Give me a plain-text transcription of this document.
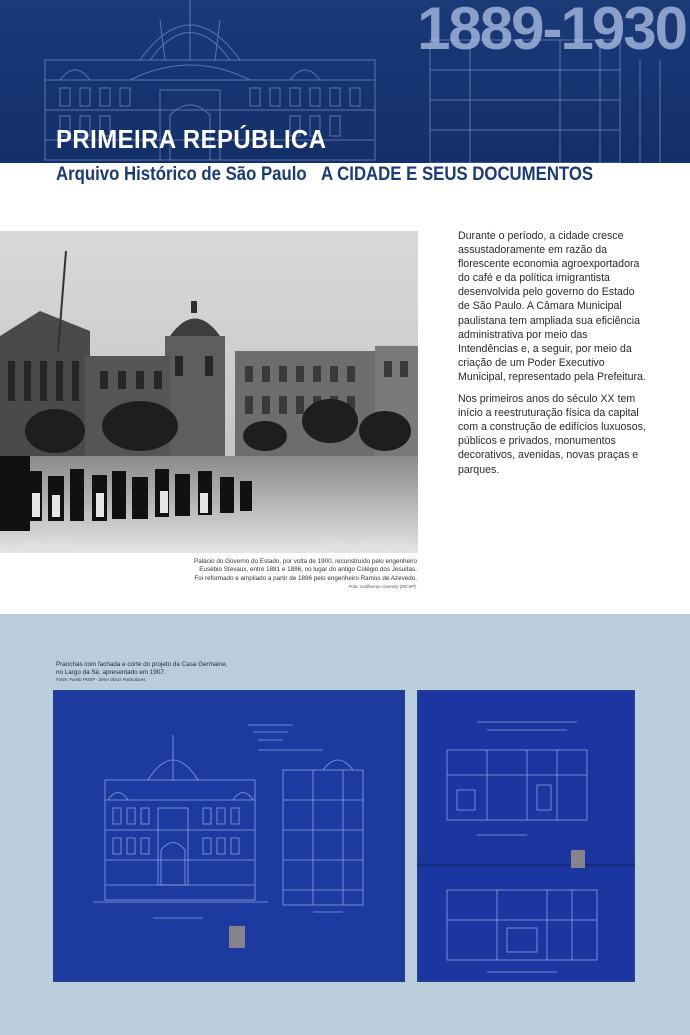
1889-1930
PRIMEIRA REPÚBLICA
Arquivo Histórico de São Paulo A CIDADE E SEUS DOCUMENTOS
n. 10 - Palácio do Governo	São Paulo - Guilherme Gaensly
Palácio do Governo do Estado, por volta de 1900, reconstruído pelo engenheiro
Eusébio Stevaux, entre 1881 e 1886, no lugar do antigo Colégio dos Jesuítas.
Foi reformado e ampliado a partir de 1896 pelo engenheiro Ramos de Azevedo.
Foto: Guilherme Gaensly (MCSP).

Durante o período, a cidade cresce assustadoramente em razão da florescente economia agroexportadora do café e da política imigrantista desenvolvida pelo governo do Estado de São Paulo. A Câmara Municipal paulistana tem ampliada sua eficiência administrativa por meio das Intendências e, a seguir, por meio da criação de um Poder Executivo Municipal, representado pela Prefeitura.

Nos primeiros anos do século XX tem início a reestruturação física da capital com a construção de edifícios luxuosos, públicos e privados, monumentos decorativos, avenidas, novas praças e parques.

Pranchas com fachada e corte do projeto da Casa Germaine,
no Largo da Sé, apresentado em 1907.
Fonte: Fundo PMSP - Série Obras Particulares.
